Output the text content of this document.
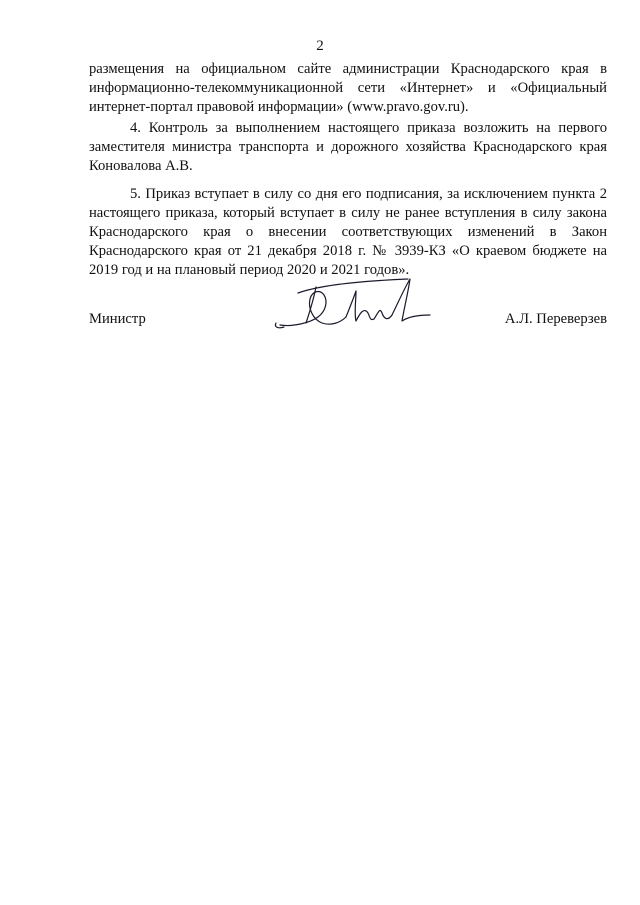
2

размещения на официальном сайте администрации Краснодарского края в информационно-телекоммуникационной сети «Интернет» и «Официальный интернет-портал правовой информации» (www.pravo.gov.ru).

4. Контроль за выполнением настоящего приказа возложить на первого заместителя министра транспорта и дорожного хозяйства Краснодарского края Коновалова А.В.

5. Приказ вступает в силу со дня его подписания, за исключением пункта 2 настоящего приказа, который вступает в силу не ранее вступления в силу закона Краснодарского края о внесении соответствующих изменений в Закон Краснодарского края от 21 декабря 2018 г. № 3939-КЗ «О краевом бюджете на 2019 год и на плановый период 2020 и 2021 годов».

Министр	А.Л. Переверзев
